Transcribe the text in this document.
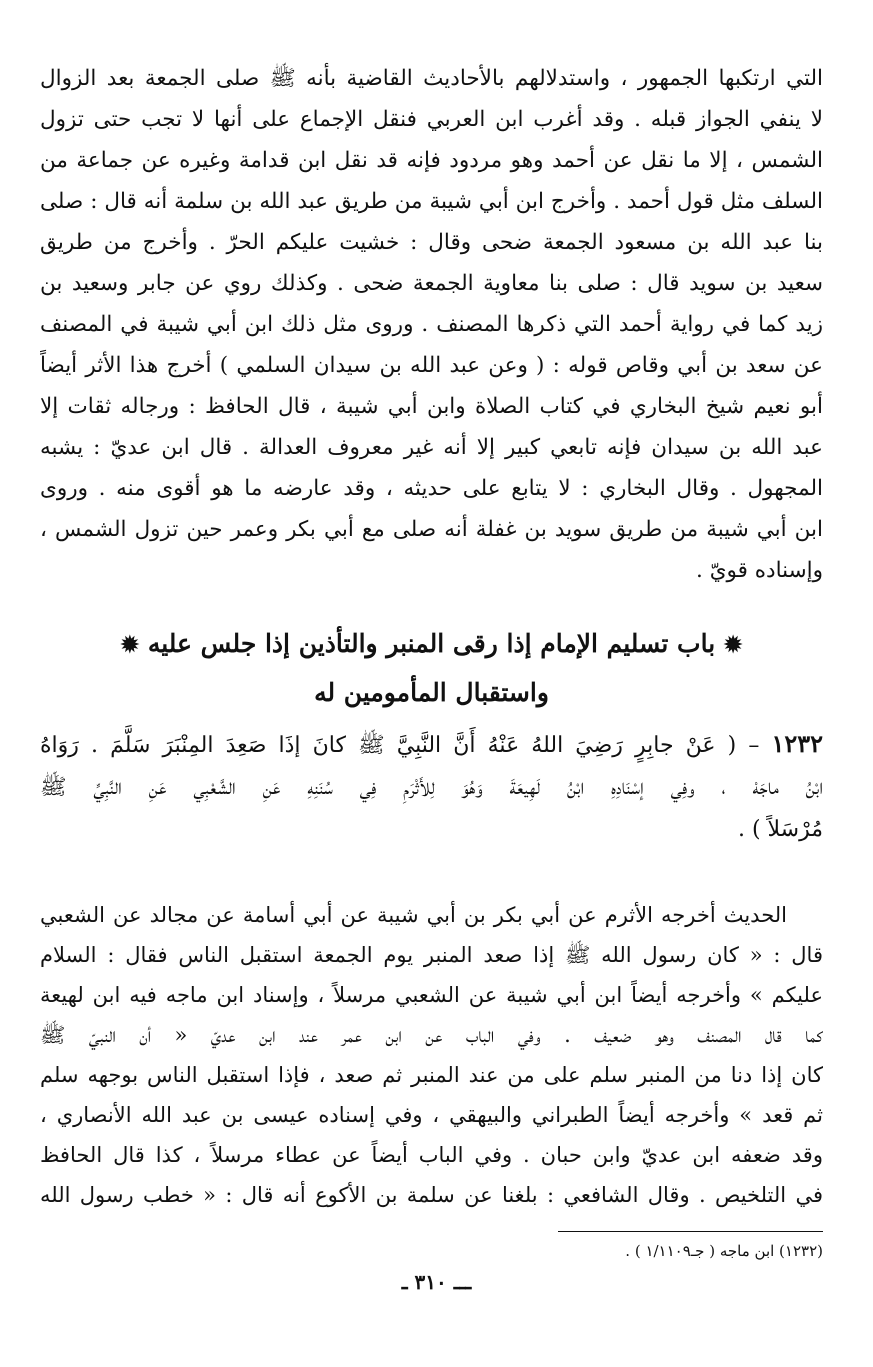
التي ارتكبها الجمهور ، واستدلالهم بالأحاديث القاضية بأنه ﷺ صلى الجمعة بعد الزوال
لا ينفي الجواز قبله . وقد أغرب ابن العربي فنقل الإجماع على أنها لا تجب حتى تزول
الشمس ، إلا ما نقل عن أحمد وهو مردود فإنه قد نقل ابن قدامة وغيره عن جماعة من
السلف مثل قول أحمد . وأخرج ابن أبي شيبة من طريق عبد الله بن سلمة أنه قال : صلى
بنا عبد الله بن مسعود الجمعة ضحى وقال : خشيت عليكم الحرّ . وأخرج من طريق
سعيد بن سويد قال : صلى بنا معاوية الجمعة ضحى . وكذلك روي عن جابر وسعيد بن
زيد كما في رواية أحمد التي ذكرها المصنف . وروى مثل ذلك ابن أبي شيبة في المصنف
عن سعد بن أبي وقاص قوله : ( وعن عبد الله بن سيدان السلمي ) أخرج هذا الأثر أيضاً
أبو نعيم شيخ البخاري في كتاب الصلاة وابن أبي شيبة ، قال الحافظ : ورجاله ثقات إلا
عبد الله بن سيدان فإنه تابعي كبير إلا أنه غير معروف العدالة . قال ابن عديّ : يشبه
المجهول . وقال البخاري : لا يتابع على حديثه ، وقد عارضه ما هو أقوى منه . وروى
ابن أبي شيبة من طريق سويد بن غفلة أنه صلى مع أبي بكر وعمر حين تزول الشمس ،
وإسناده قويّ .

✹ باب تسليم الإمام إذا رقى المنبر والتأذين إذا جلس عليه ✹
واستقبال المأمومين له

١٢٣٢ – ( عَنْ جابِرٍ رَضِيَ اللهُ عَنْهُ أَنَّ النَّبِيَّ ﷺ كانَ إذَا صَعِدَ المِنْبَرَ سَلَّمَ . رَوَاهُ
ابْنُ ماجَهْ ، وفِي إسْنَادِهِ ابْنُ لَهِيعَةَ وَهُوَ لِلأَثْرَمِ فِي سُنَنِهِ عَنِ الشَّعْبِي عَنِ النَّبِيِّ ﷺ
مُرْسَلاً ) .

الحديث أخرجه الأثرم عن أبي بكر بن أبي شيبة عن أبي أسامة عن مجالد عن الشعبي
قال : « كان رسول الله ﷺ إذا صعد المنبر يوم الجمعة استقبل الناس فقال : السلام
عليكم » وأخرجه أيضاً ابن أبي شيبة عن الشعبي مرسلاً ، وإسناد ابن ماجه فيه ابن لهيعة
كما قال المصنف وهو ضعيف . وفي الباب عن ابن عمر عند ابن عديّ « أن النبيّ ﷺ
كان إذا دنا من المنبر سلم على من عند المنبر ثم صعد ، فإذا استقبل الناس بوجهه سلم
ثم قعد » وأخرجه أيضاً الطبراني والبيهقي ، وفي إسناده عيسى بن عبد الله الأنصاري ،
وقد ضعفه ابن عديّ وابن حبان . وفي الباب أيضاً عن عطاء مرسلاً ، كذا قال الحافظ
في التلخيص . وقال الشافعي : بلغنا عن سلمة بن الأكوع أنه قال : « خطب رسول الله

(١٢٣٢) ابن ماجه ( جـ١/١١٠٩ ) .

ـــ ٣١٠ ـ
